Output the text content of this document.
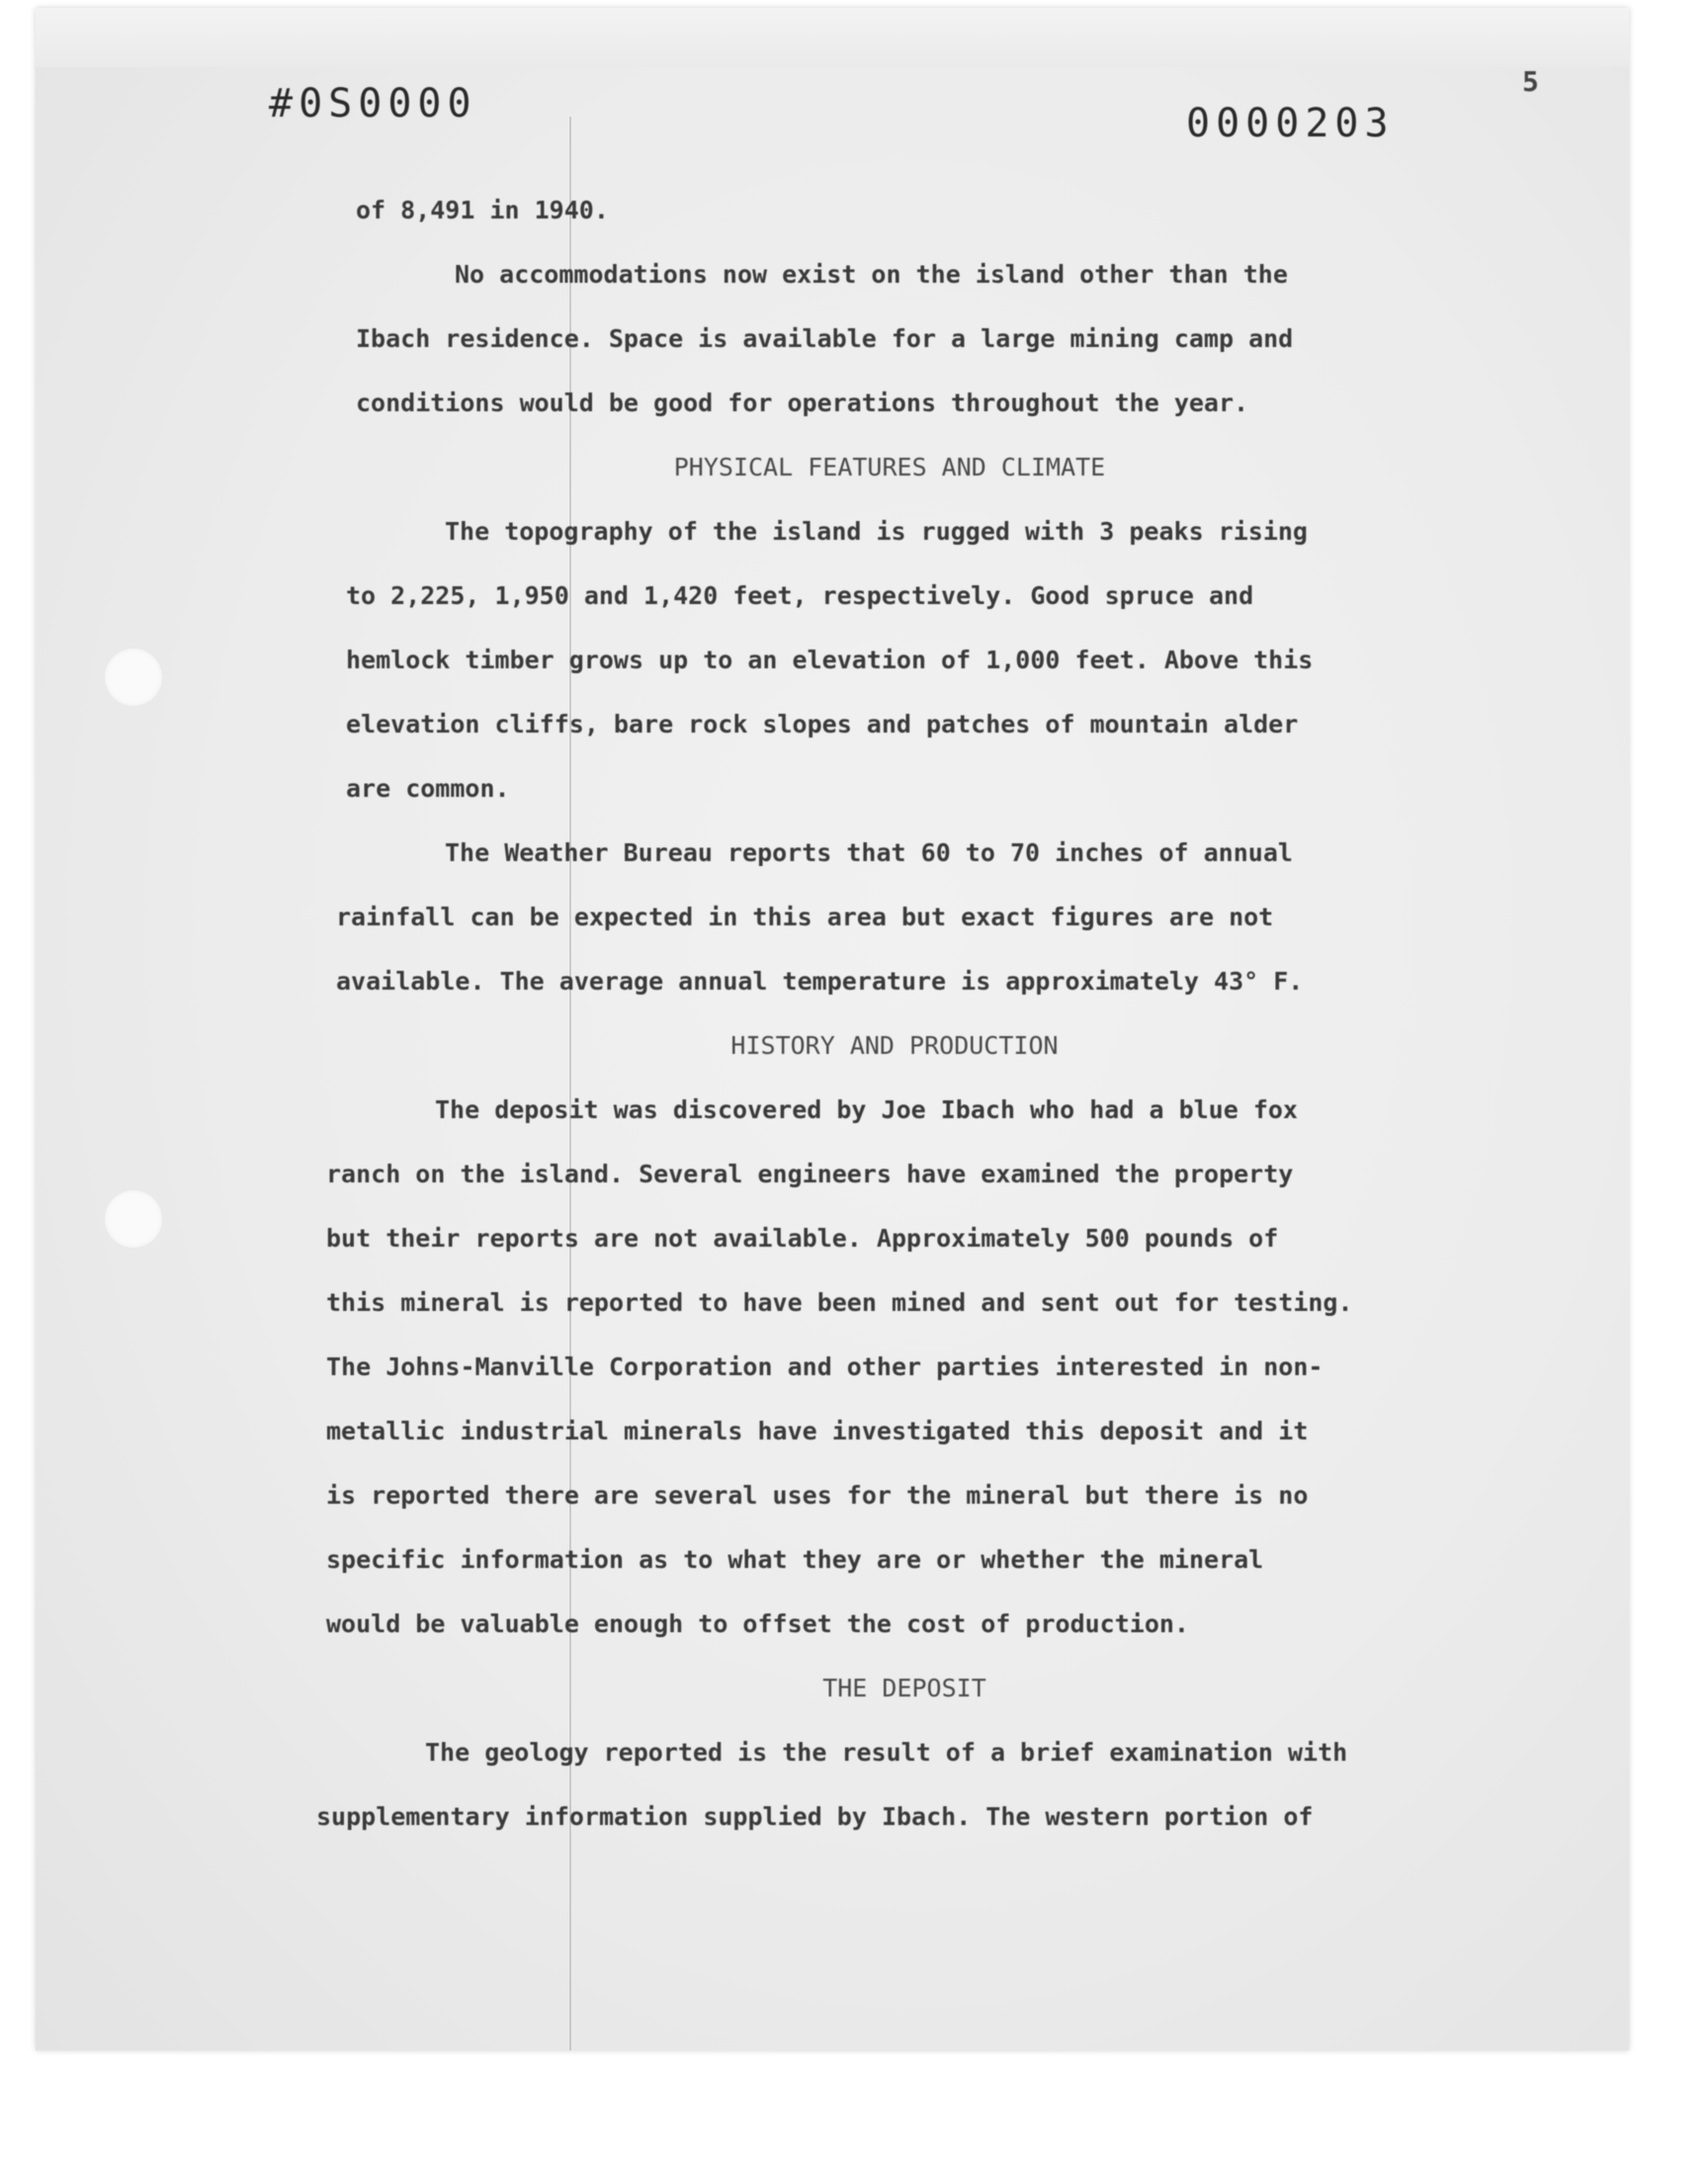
#0S0000	0000203
5
of 8,491 in 1940.
No accommodations now exist on the island other than the
Ibach residence. Space is available for a large mining camp and
conditions would be good for operations throughout the year.
PHYSICAL FEATURES AND CLIMATE
The topography of the island is rugged with 3 peaks rising
to 2,225, 1,950 and 1,420 feet, respectively. Good spruce and
hemlock timber grows up to an elevation of 1,000 feet. Above this
elevation cliffs, bare rock slopes and patches of mountain alder
are common.
The Weather Bureau reports that 60 to 70 inches of annual
rainfall can be expected in this area but exact figures are not
available. The average annual temperature is approximately 43° F.
HISTORY AND PRODUCTION
The deposit was discovered by Joe Ibach who had a blue fox
ranch on the island. Several engineers have examined the property
but their reports are not available. Approximately 500 pounds of
this mineral is reported to have been mined and sent out for testing.
The Johns-Manville Corporation and other parties interested in non-
metallic industrial minerals have investigated this deposit and it
is reported there are several uses for the mineral but there is no
specific information as to what they are or whether the mineral
would be valuable enough to offset the cost of production.
THE DEPOSIT
The geology reported is the result of a brief examination with
supplementary information supplied by Ibach. The western portion of
